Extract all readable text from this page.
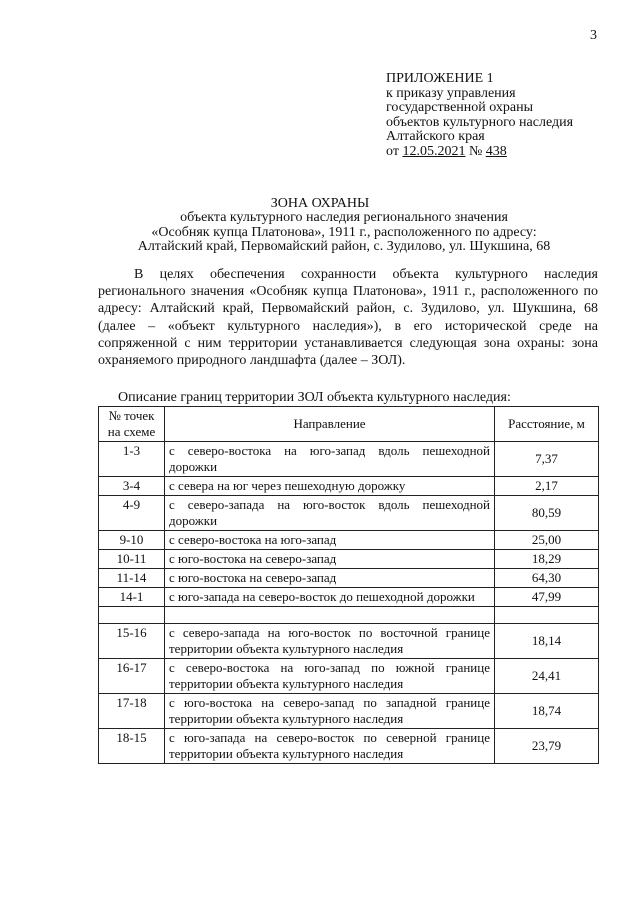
3
ПРИЛОЖЕНИЕ 1
к приказу управления
государственной охраны
объектов культурного наследия
Алтайского края
от 12.05.2021 № 438
ЗОНА ОХРАНЫ
объекта культурного наследия регионального значения
«Особняк купца Платонова», 1911 г., расположенного по адресу:
Алтайский край, Первомайский район, с. Зудилово, ул. Шукшина, 68
В целях обеспечения сохранности объекта культурного наследия регионального значения «Особняк купца Платонова», 1911 г., расположенного по адресу: Алтайский край, Первомайский район, с. Зудилово, ул. Шукшина, 68 (далее – «объект культурного наследия»), в его исторической среде на сопряженной с ним территории устанавливается следующая зона охраны: зона охраняемого природного ландшафта (далее – ЗОЛ).
Описание границ территории ЗОЛ объекта культурного наследия:
№ точек на схеме	Направление	Расстояние, м
1-3	с северо-востока на юго-запад вдоль пешеходной дорожки	7,37
3-4	с севера на юг через пешеходную дорожку	2,17
4-9	с северо-запада на юго-восток вдоль пешеходной дорожки	80,59
9-10	с северо-востока на юго-запад	25,00
10-11	с юго-востока на северо-запад	18,29
11-14	с юго-востока на северо-запад	64,30
14-1	с юго-запада на северо-восток до пешеходной дорожки	47,99

15-16	с северо-запада на юго-восток по восточной границе территории объекта культурного наследия	18,14
16-17	с северо-востока на юго-запад по южной границе территории объекта культурного наследия	24,41
17-18	с юго-востока на северо-запад по западной границе территории объекта культурного наследия	18,74
18-15	с юго-запада на северо-восток по северной границе территории объекта культурного наследия	23,79
